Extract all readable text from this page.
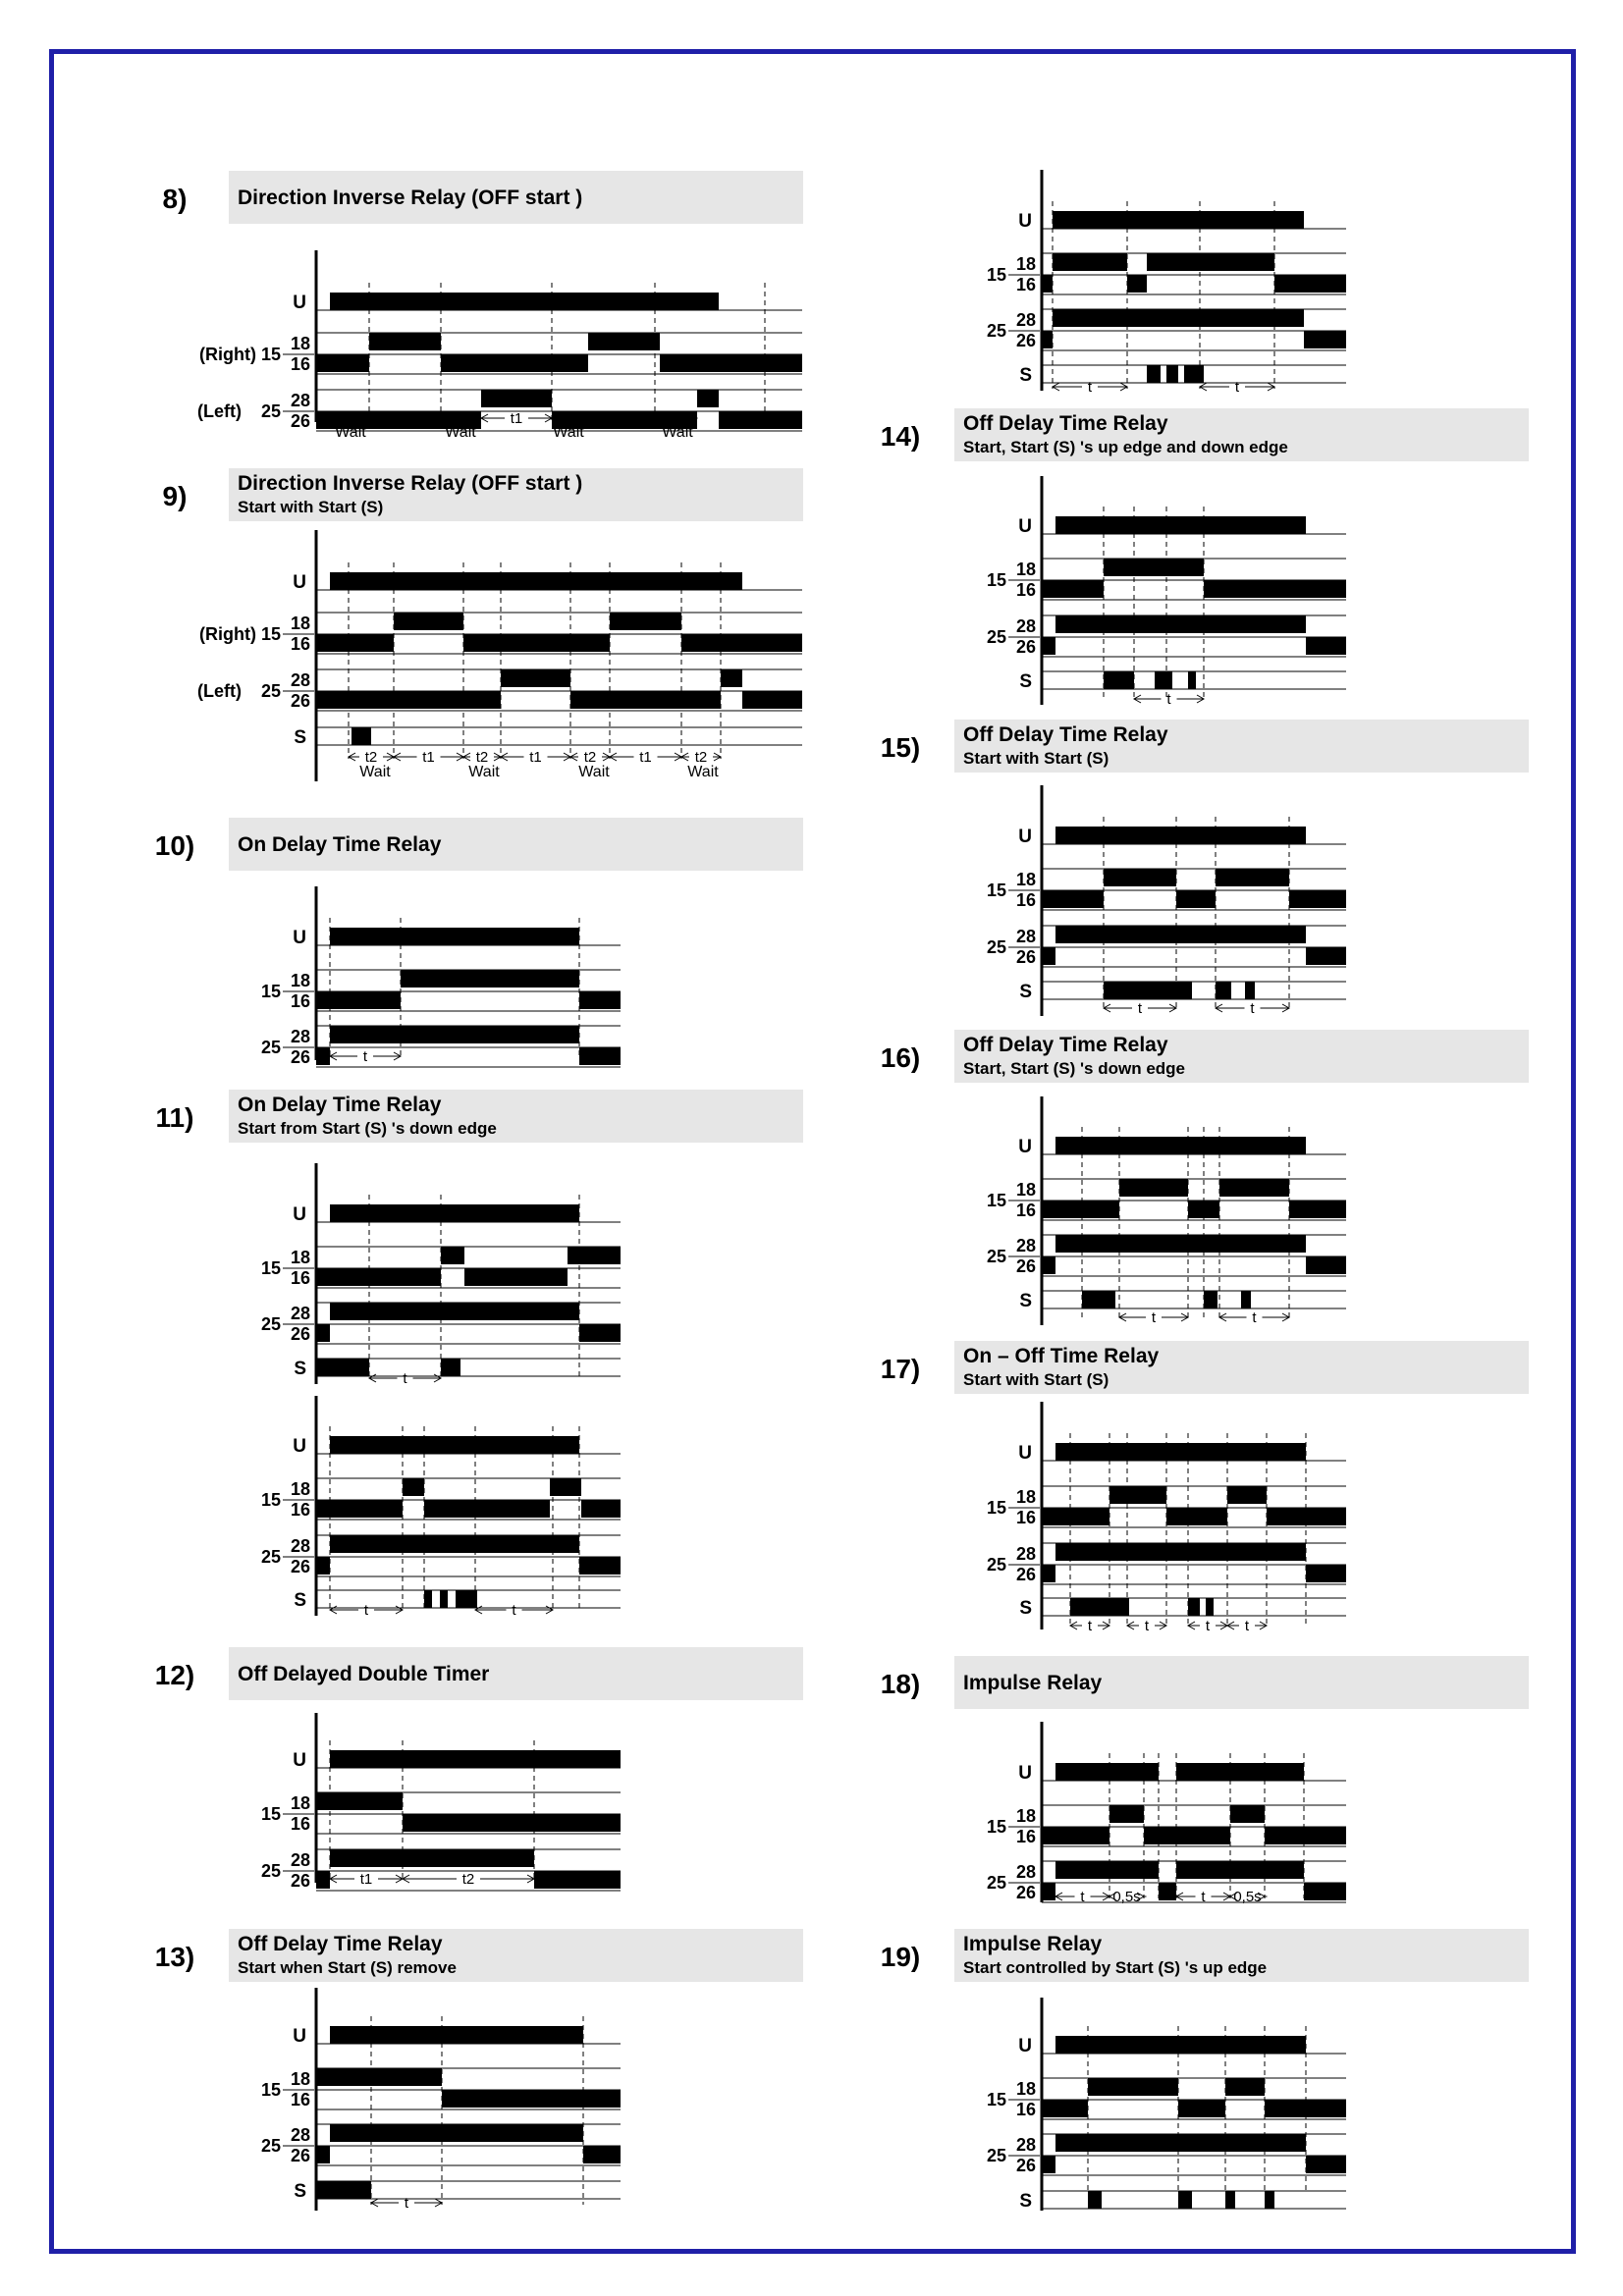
8) Direction Inverse Relay (OFF start )
U
18
16
(Right) 15
28
26
25
(Left)	t2	t1	t2	t1	t2	t1	t2
Wait	Wait	Wait	Wait
9) Direction Inverse Relay (OFF start )
Start with Start (S)
U
18
16
(Right) 15
28
26
25
(Left)
S
t2	t1	t2	t1	t2	t1	t2
Wait	Wait	Wait	Wait
10) On Delay Time Relay
U
18
16
15
28
26
25	t
11) On Delay Time Relay
Start from Start (S) 's down edge
U
18
16
15
28
26
25
S	t
U
18
16
15
28
26
25
S	t	t
12) Off Delayed Double Timer
U
18
16
15
28
26
25	t1	t2
13) Off Delay Time Relay
Start when Start (S) remove
U
18
16
15
28
26
25
S
t
U
18
16
15
28
26
25
S
t	t
14) Off Delay Time Relay
Start, Start (S) 's up edge and down edge
U
18
16
15
28
26
25
S
t
15) Off Delay Time Relay
Start with Start (S)
U
18
16
15
28
26
25
S
t	t
16) Off Delay Time Relay
Start, Start (S) 's down edge
U
18
16
15
28
26
25
S
t	t
17) On – Off Time Relay
Start with Start (S)
U
18
16
15
28
26
25
S
t	t	t t
18) Impulse Relay
U
18
16
15
28
26
25
t 0,5s	t 0,5s
19) Impulse Relay
Start controlled by Start (S) 's up edge
U
18
16
15
28
26
25
S
